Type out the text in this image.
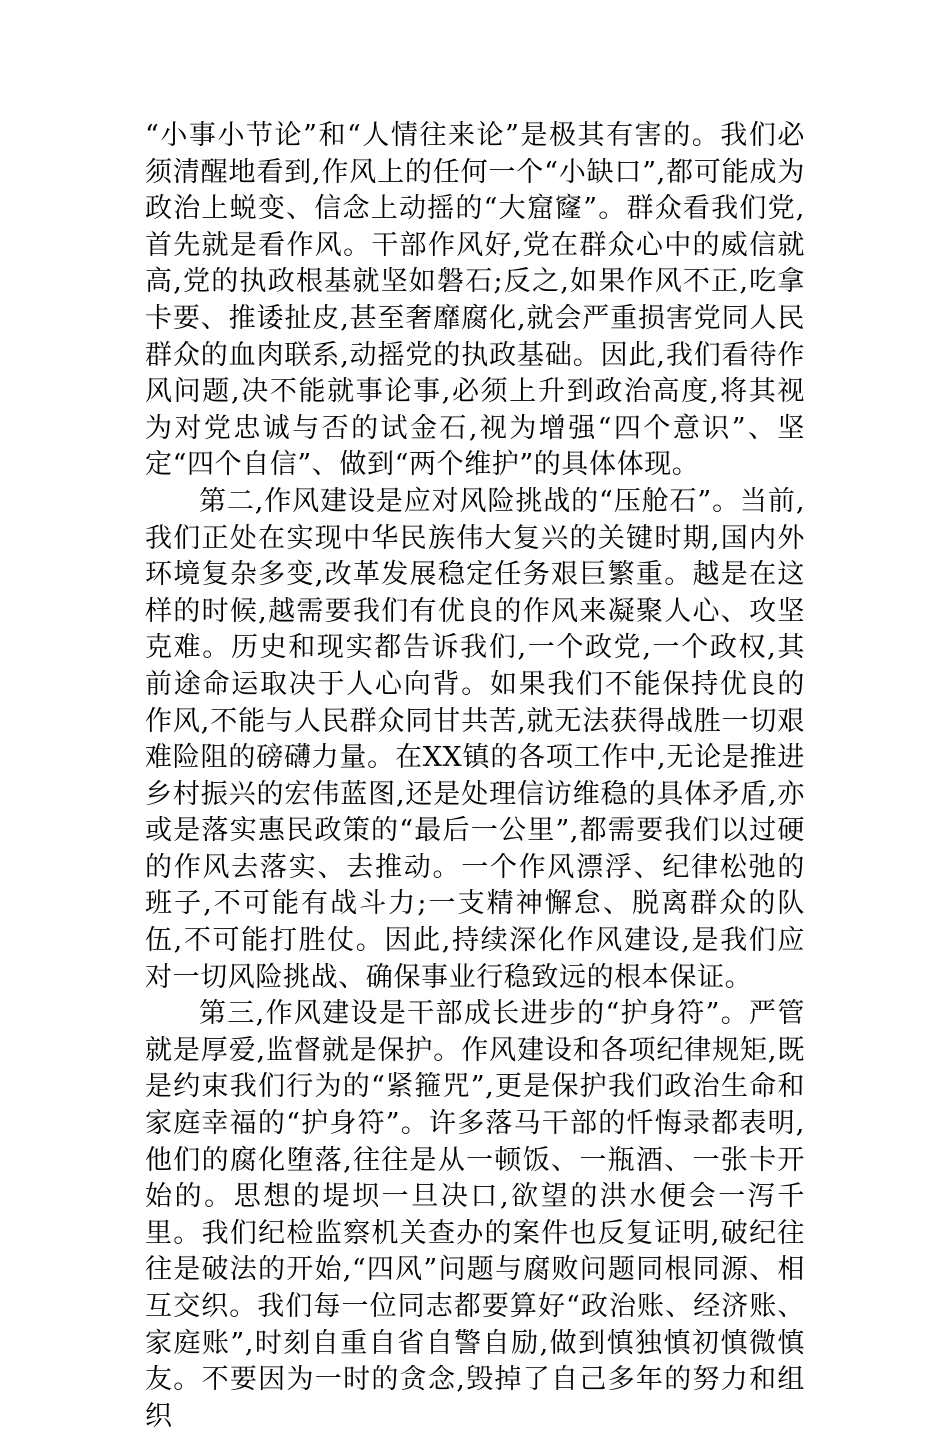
“小事小节论”和“人情往来论”是极其有害的。我们必须清醒地看到,作风上的任何一个“小缺口”,都可能成为政治上蜕变、信念上动摇的“大窟窿”。群众看我们党,首先就是看作风。干部作风好,党在群众心中的威信就高,党的执政根基就坚如磐石;反之,如果作风不正,吃拿卡要、推诿扯皮,甚至奢靡腐化,就会严重损害党同人民群众的血肉联系,动摇党的执政基础。因此,我们看待作风问题,决不能就事论事,必须上升到政治高度,将其视为对党忠诚与否的试金石,视为增强“四个意识”、坚定“四个自信”、做到“两个维护”的具体体现。

第二,作风建设是应对风险挑战的“压舱石”。当前,我们正处在实现中华民族伟大复兴的关键时期,国内外环境复杂多变,改革发展稳定任务艰巨繁重。越是在这样的时候,越需要我们有优良的作风来凝聚人心、攻坚克难。历史和现实都告诉我们,一个政党,一个政权,其前途命运取决于人心向背。如果我们不能保持优良的作风,不能与人民群众同甘共苦,就无法获得战胜一切艰难险阻的磅礴力量。在XX镇的各项工作中,无论是推进乡村振兴的宏伟蓝图,还是处理信访维稳的具体矛盾,亦或是落实惠民政策的“最后一公里”,都需要我们以过硬的作风去落实、去推动。一个作风漂浮、纪律松弛的班子,不可能有战斗力;一支精神懈怠、脱离群众的队伍,不可能打胜仗。因此,持续深化作风建设,是我们应对一切风险挑战、确保事业行稳致远的根本保证。

第三,作风建设是干部成长进步的“护身符”。严管就是厚爱,监督就是保护。作风建设和各项纪律规矩,既是约束我们行为的“紧箍咒”,更是保护我们政治生命和家庭幸福的“护身符”。许多落马干部的忏悔录都表明,他们的腐化堕落,往往是从一顿饭、一瓶酒、一张卡开始的。思想的堤坝一旦决口,欲望的洪水便会一泻千里。我们纪检监察机关查办的案件也反复证明,破纪往往是破法的开始,“四风”问题与腐败问题同根同源、相互交织。我们每一位同志都要算好“政治账、经济账、家庭账”,时刻自重自省自警自励,做到慎独慎初慎微慎友。不要因为一时的贪念,毁掉了自己多年的努力和组织
